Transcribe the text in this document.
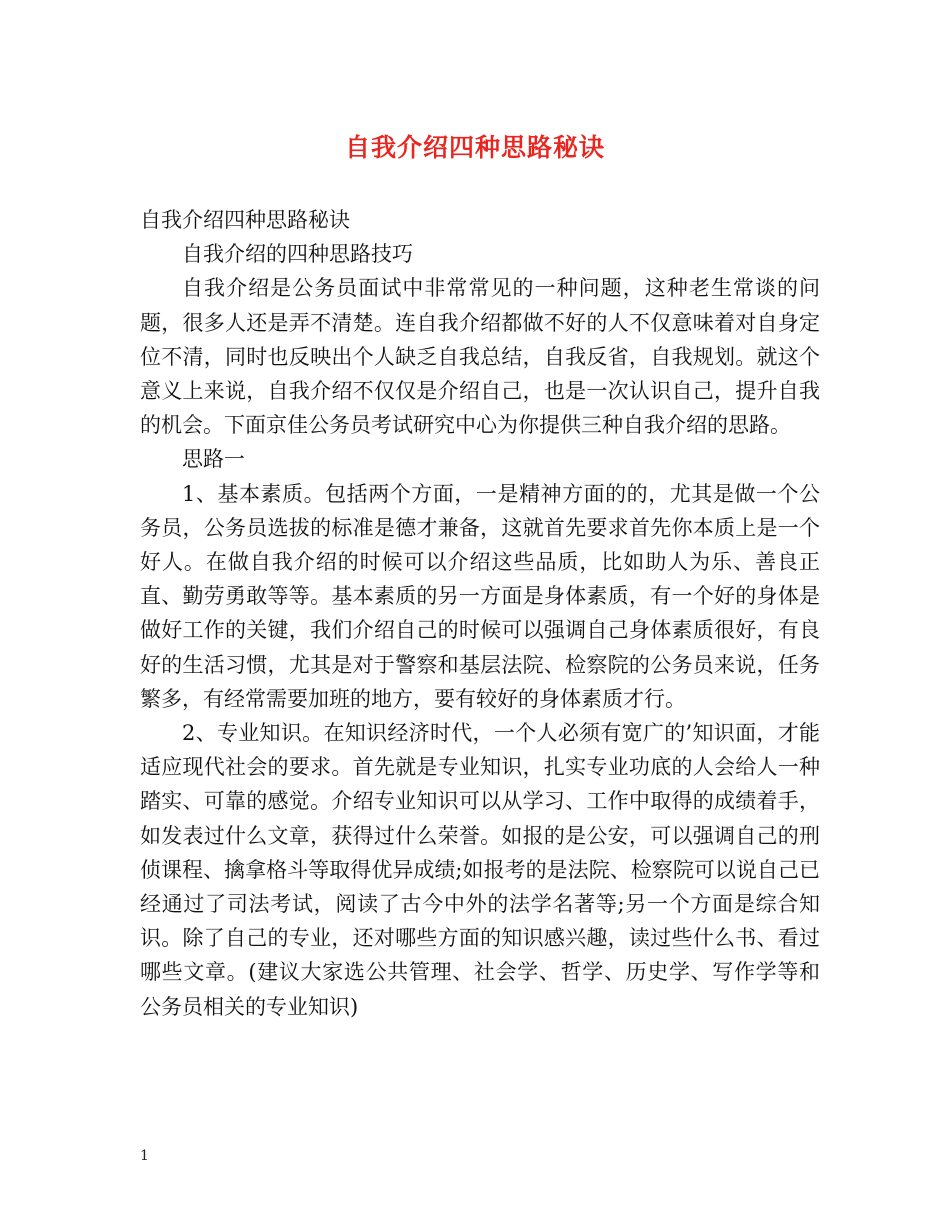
自我介绍四种思路秘诀

自我介绍四种思路秘诀

自我介绍的四种思路技巧

自我介绍是公务员面试中非常常见的一种问题，这种老生常谈的问题，很多人还是弄不清楚。连自我介绍都做不好的人不仅意味着对自身定位不清，同时也反映出个人缺乏自我总结，自我反省，自我规划。就这个意义上来说，自我介绍不仅仅是介绍自己，也是一次认识自己，提升自我的机会。下面京佳公务员考试研究中心为你提供三种自我介绍的思路。

思路一

1、基本素质。包括两个方面，一是精神方面的的，尤其是做一个公务员，公务员选拔的标准是德才兼备，这就首先要求首先你本质上是一个好人。在做自我介绍的时候可以介绍这些品质，比如助人为乐、善良正直、勤劳勇敢等等。基本素质的另一方面是身体素质，有一个好的身体是做好工作的关键，我们介绍自己的时候可以强调自己身体素质很好，有良好的生活习惯，尤其是对于警察和基层法院、检察院的公务员来说，任务繁多，有经常需要加班的地方，要有较好的身体素质才行。

2、专业知识。在知识经济时代，一个人必须有宽广的’知识面，才能适应现代社会的要求。首先就是专业知识，扎实专业功底的人会给人一种踏实、可靠的感觉。介绍专业知识可以从学习、工作中取得的成绩着手，如发表过什么文章，获得过什么荣誉。如报的是公安，可以强调自己的刑侦课程、擒拿格斗等取得优异成绩;如报考的是法院、检察院可以说自己已经通过了司法考试，阅读了古今中外的法学名著等;另一个方面是综合知识。除了自己的专业，还对哪些方面的知识感兴趣，读过些什么书、看过哪些文章。(建议大家选公共管理、社会学、哲学、历史学、写作学等和公务员相关的专业知识)

1
